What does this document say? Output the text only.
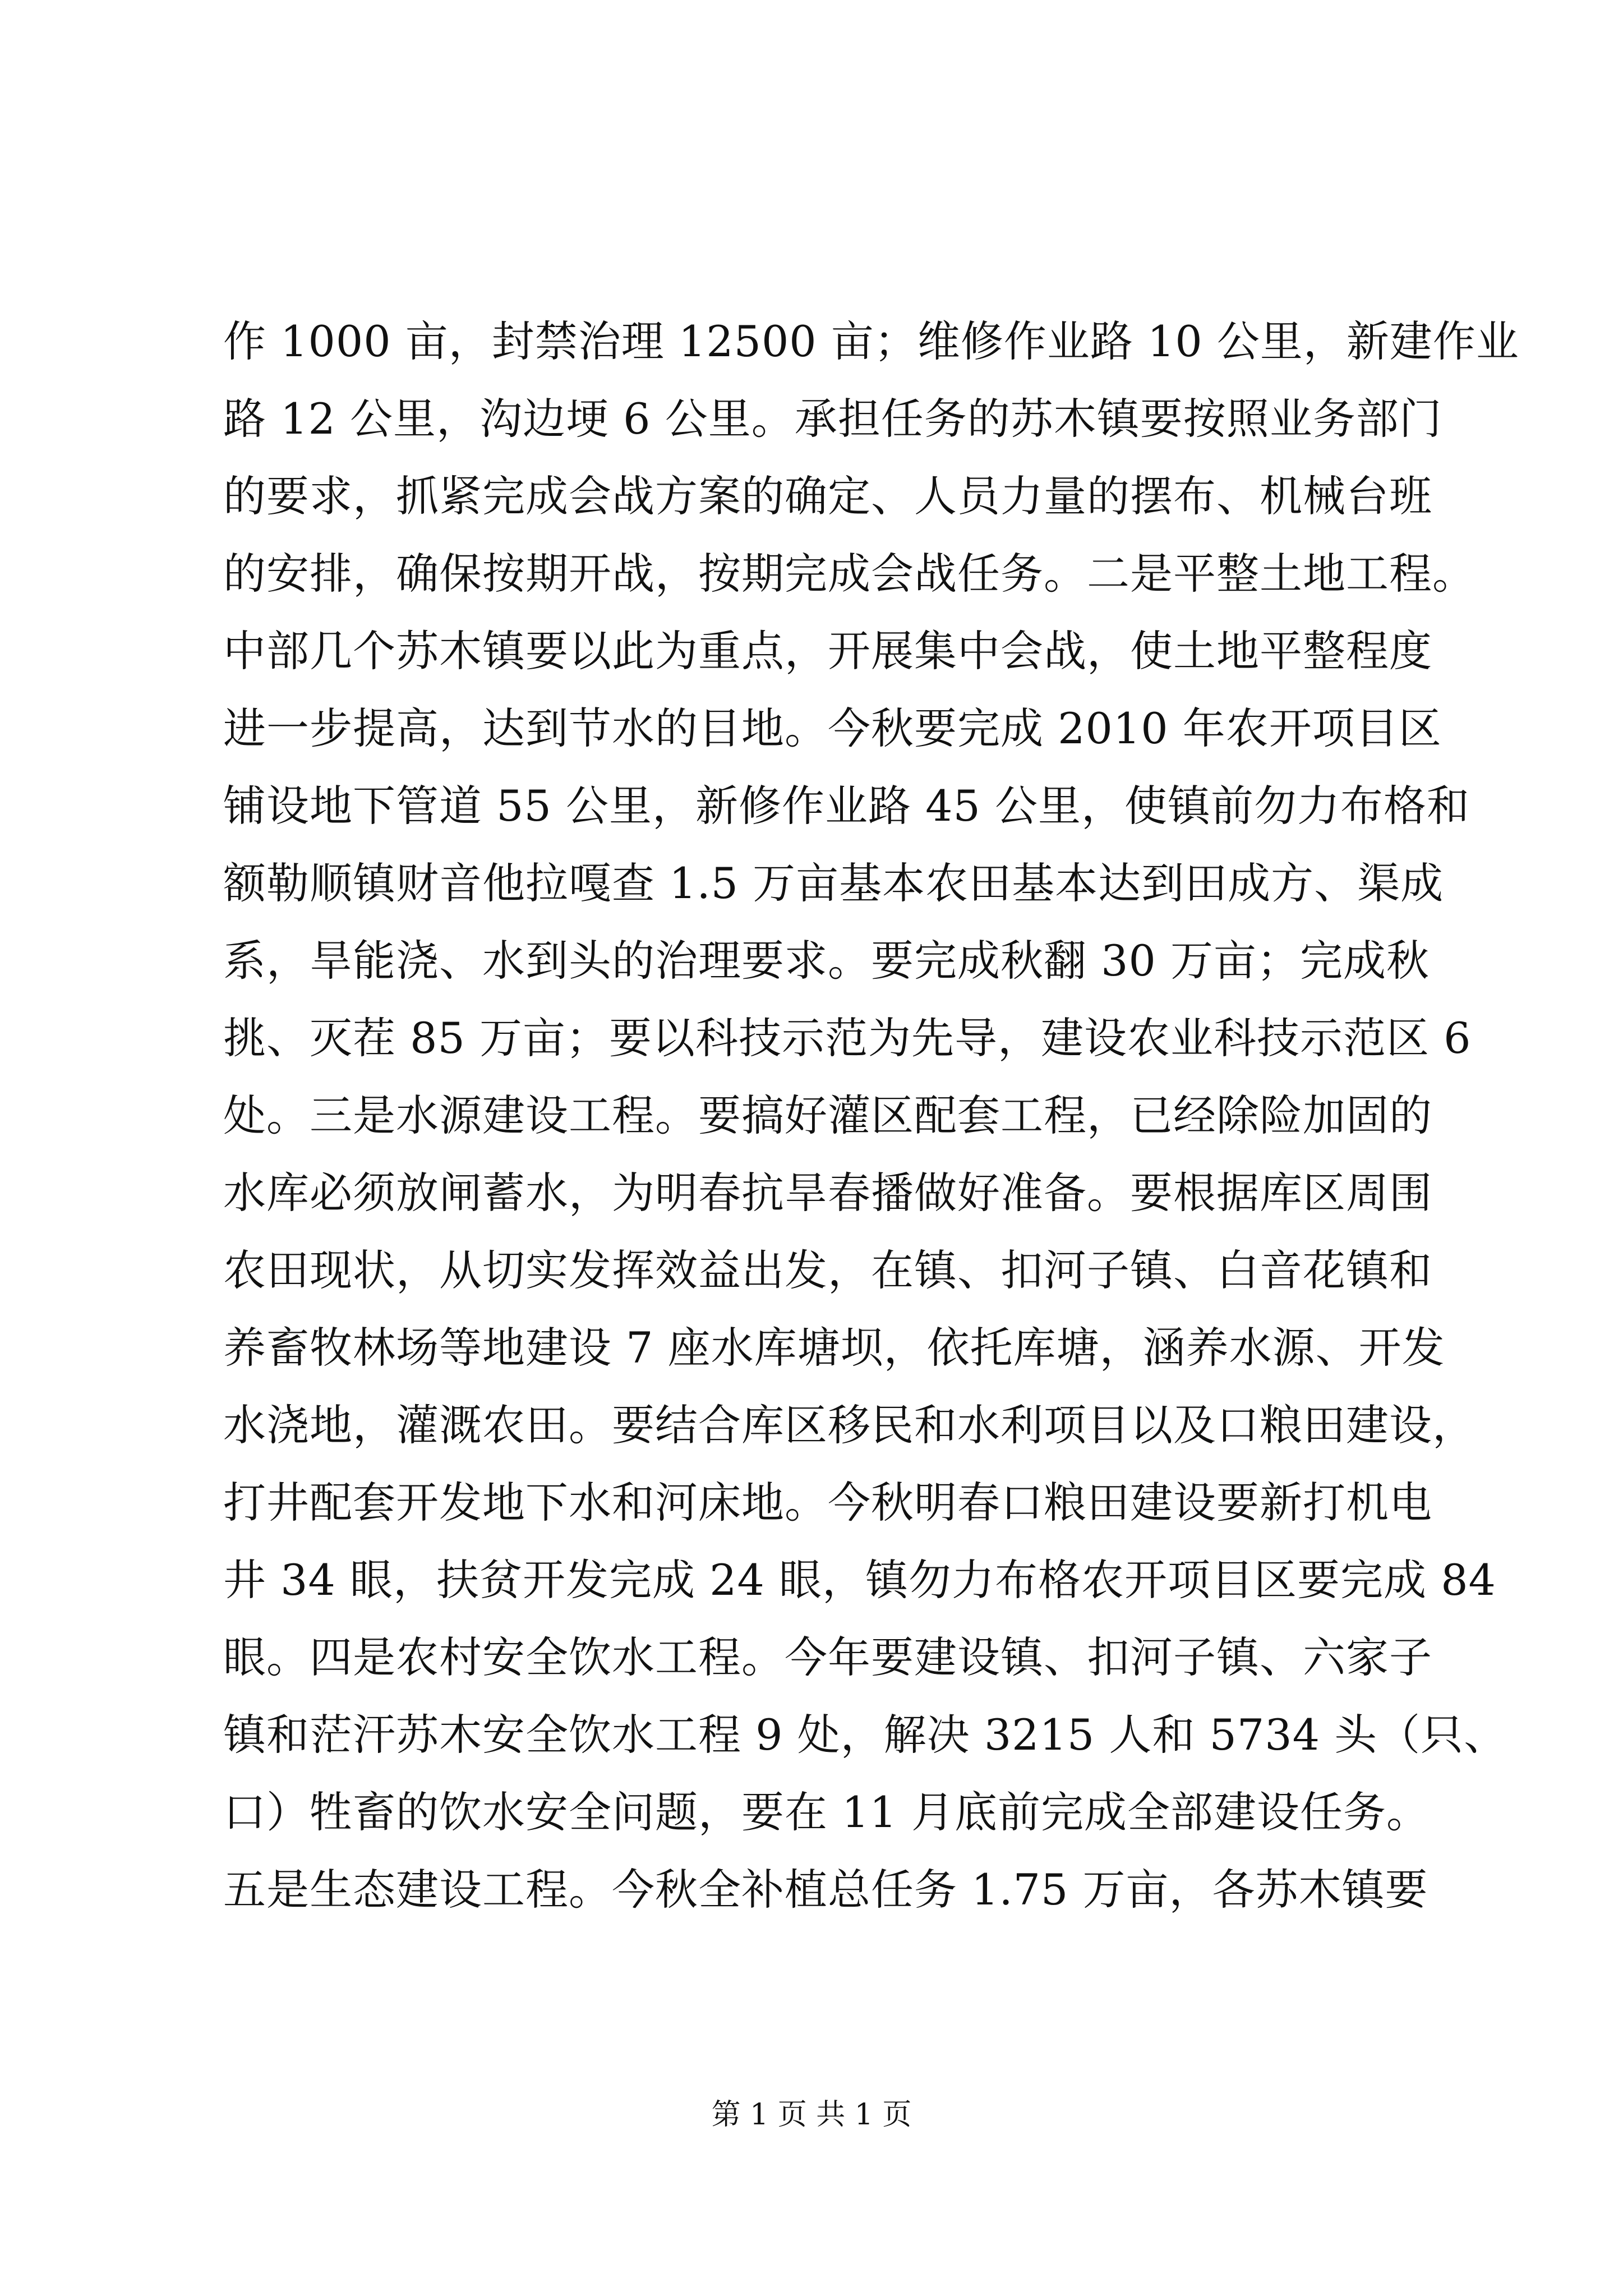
作 1000 亩，封禁治理 12500 亩；维修作业路 10 公里，新建作业
路 12 公里，沟边埂 6 公里。承担任务的苏木镇要按照业务部门
的要求，抓紧完成会战方案的确定、人员力量的摆布、机械台班
的安排，确保按期开战，按期完成会战任务。二是平整土地工程。
中部几个苏木镇要以此为重点，开展集中会战，使土地平整程度
进一步提高，达到节水的目地。今秋要完成 2010 年农开项目区
铺设地下管道 55 公里，新修作业路 45 公里，使镇前勿力布格和
额勒顺镇财音他拉嘎查 1.5 万亩基本农田基本达到田成方、渠成
系，旱能浇、水到头的治理要求。要完成秋翻 30 万亩；完成秋
挑、灭茬 85 万亩；要以科技示范为先导，建设农业科技示范区 6
处。三是水源建设工程。要搞好灌区配套工程，已经除险加固的
水库必须放闸蓄水，为明春抗旱春播做好准备。要根据库区周围
农田现状，从切实发挥效益出发，在镇、扣河子镇、白音花镇和
养畜牧林场等地建设 7 座水库塘坝，依托库塘，涵养水源、开发
水浇地，灌溉农田。要结合库区移民和水利项目以及口粮田建设，
打井配套开发地下水和河床地。今秋明春口粮田建设要新打机电
井 34 眼，扶贫开发完成 24 眼，镇勿力布格农开项目区要完成 84
眼。四是农村安全饮水工程。今年要建设镇、扣河子镇、六家子
镇和茫汗苏木安全饮水工程 9 处，解决 3215 人和 5734 头（只、
口）牲畜的饮水安全问题，要在 11 月底前完成全部建设任务。
五是生态建设工程。今秋全补植总任务 1.75 万亩，各苏木镇要
第 1 页 共 1 页
